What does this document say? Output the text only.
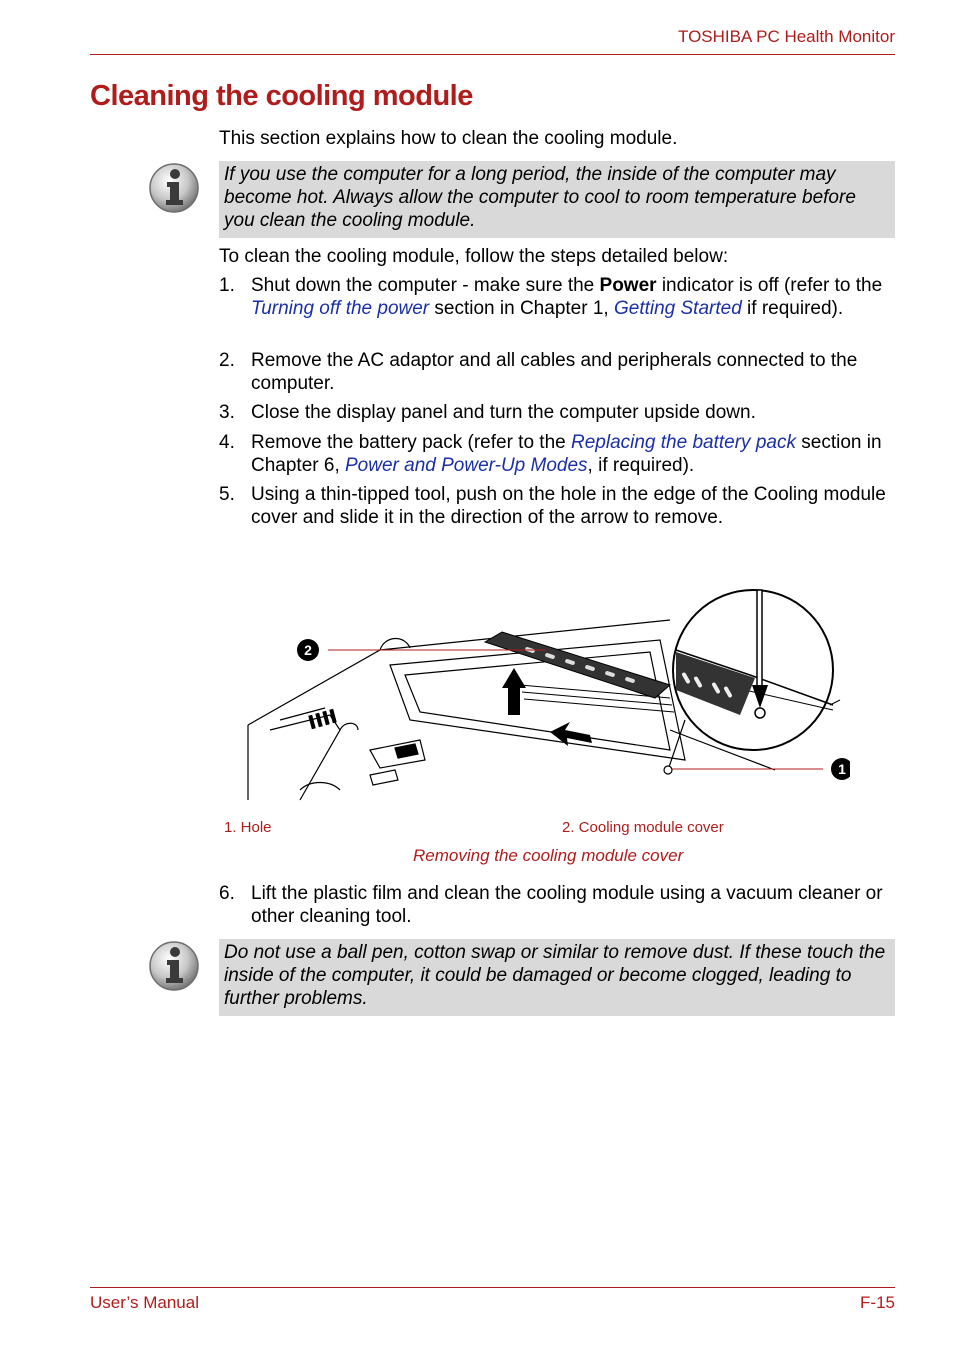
TOSHIBA PC Health Monitor
Cleaning the cooling module
This section explains how to clean the cooling module.
If you use the computer for a long period, the inside of the computer may become hot. Always allow the computer to cool to room temperature before you clean the cooling module.
To clean the cooling module, follow the steps detailed below:
1. Shut down the computer - make sure the Power indicator is off (refer to the Turning off the power section in Chapter 1, Getting Started if required).
2. Remove the AC adaptor and all cables and peripherals connected to the computer.
3. Close the display panel and turn the computer upside down.
4. Remove the battery pack (refer to the Replacing the battery pack section in Chapter 6, Power and Power-Up Modes, if required).
5. Using a thin-tipped tool, push on the hole in the edge of the Cooling module cover and slide it in the direction of the arrow to remove.
2
1
1. Hole	2. Cooling module cover
Removing the cooling module cover
6. Lift the plastic film and clean the cooling module using a vacuum cleaner or other cleaning tool.
Do not use a ball pen, cotton swap or similar to remove dust. If these touch the inside of the computer, it could be damaged or become clogged, leading to further problems.
User’s Manual	F-15
